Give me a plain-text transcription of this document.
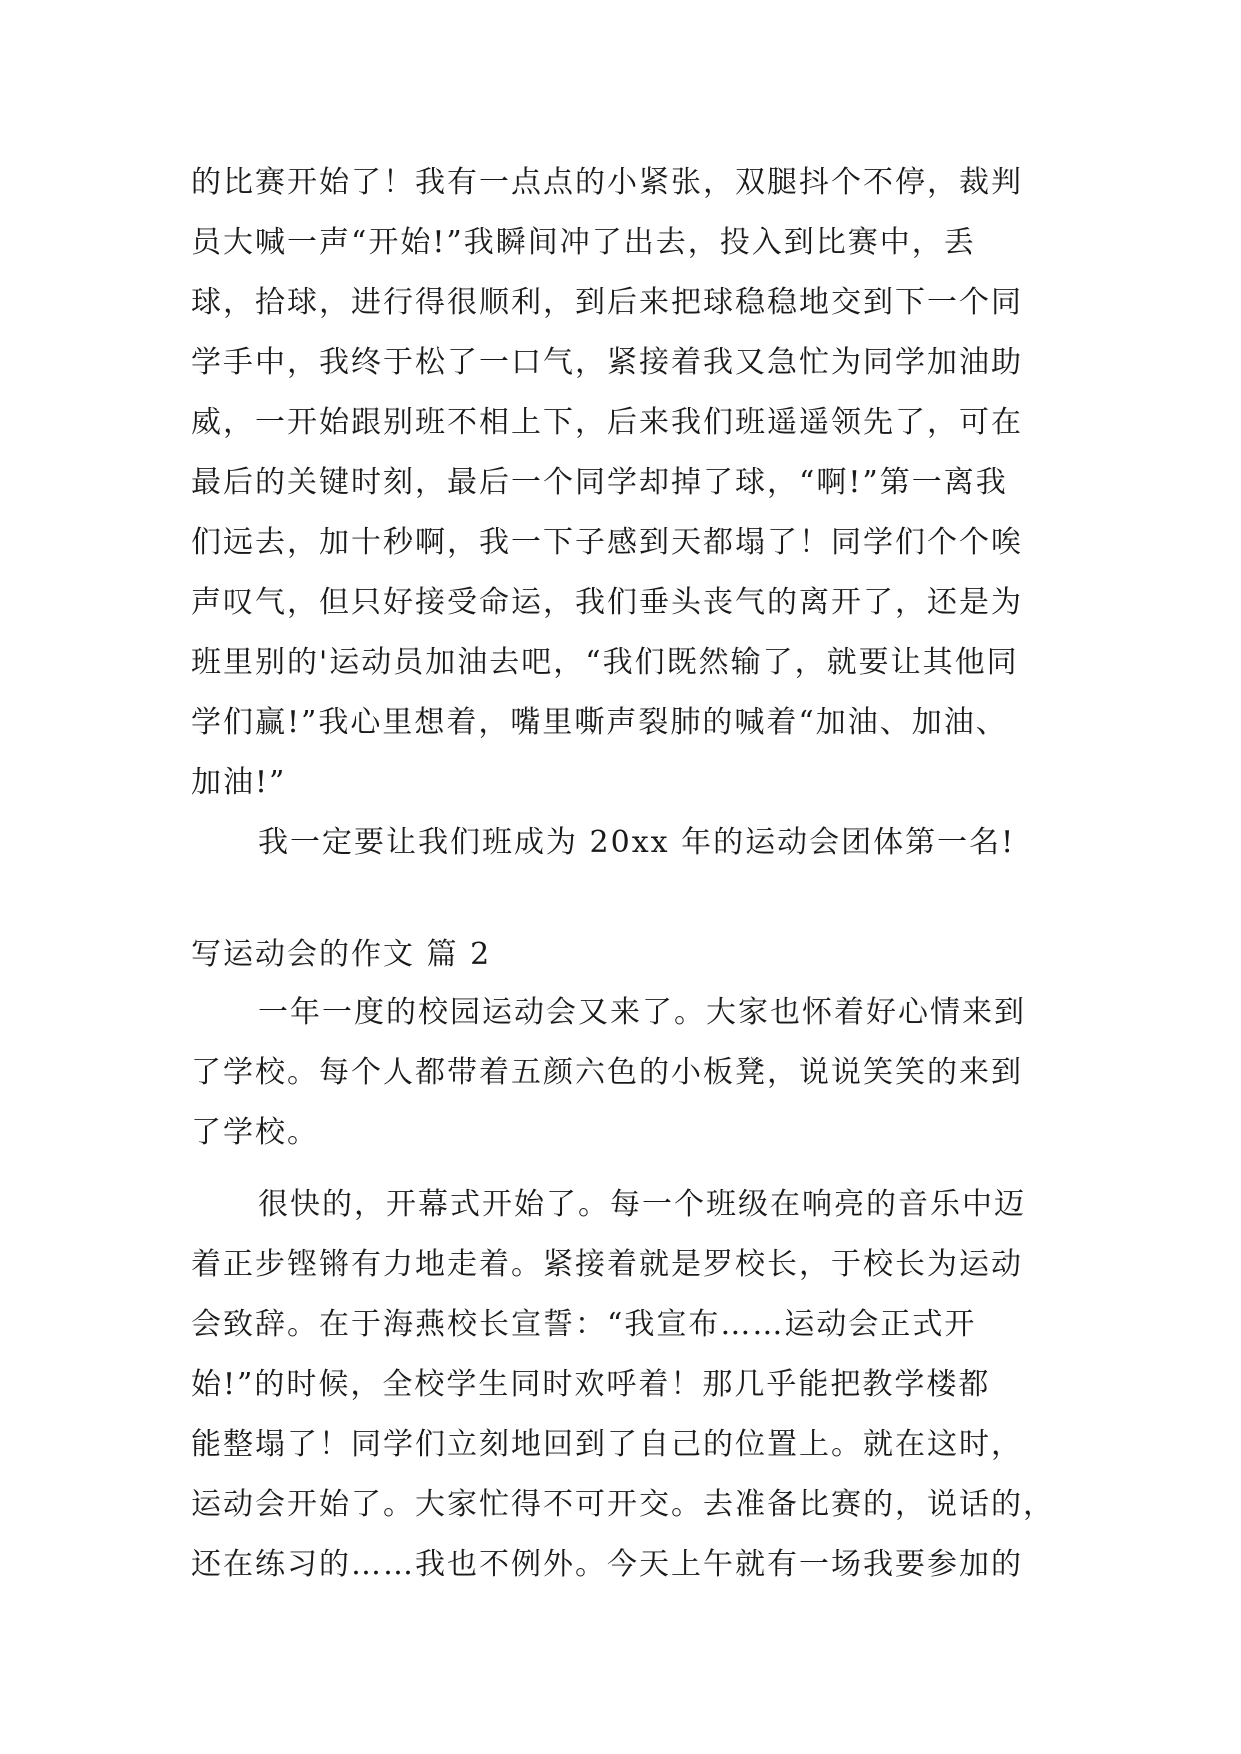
的比赛开始了！我有一点点的小紧张，双腿抖个不停，裁判
员大喊一声“开始!”我瞬间冲了出去，投入到比赛中，丢
球，拾球，进行得很顺利，到后来把球稳稳地交到下一个同
学手中，我终于松了一口气，紧接着我又急忙为同学加油助
威，一开始跟别班不相上下，后来我们班遥遥领先了，可在
最后的关键时刻，最后一个同学却掉了球，“啊!”第一离我
们远去，加十秒啊，我一下子感到天都塌了！同学们个个唉
声叹气，但只好接受命运，我们垂头丧气的离开了，还是为
班里别的'运动员加油去吧，“我们既然输了，就要让其他同
学们赢!”我心里想着，嘴里嘶声裂肺的喊着“加油、加油、
加油!”
我一定要让我们班成为 20xx 年的运动会团体第一名!
写运动会的作文 篇 2
一年一度的校园运动会又来了。大家也怀着好心情来到
了学校。每个人都带着五颜六色的小板凳，说说笑笑的来到
了学校。
很快的，开幕式开始了。每一个班级在响亮的音乐中迈
着正步铿锵有力地走着。紧接着就是罗校长，于校长为运动
会致辞。在于海燕校长宣誓：“我宣布……运动会正式开
始!”的时候，全校学生同时欢呼着！那几乎能把教学楼都
能整塌了！同学们立刻地回到了自己的位置上。就在这时，
运动会开始了。大家忙得不可开交。去准备比赛的，说话的，
还在练习的……我也不例外。今天上午就有一场我要参加的
